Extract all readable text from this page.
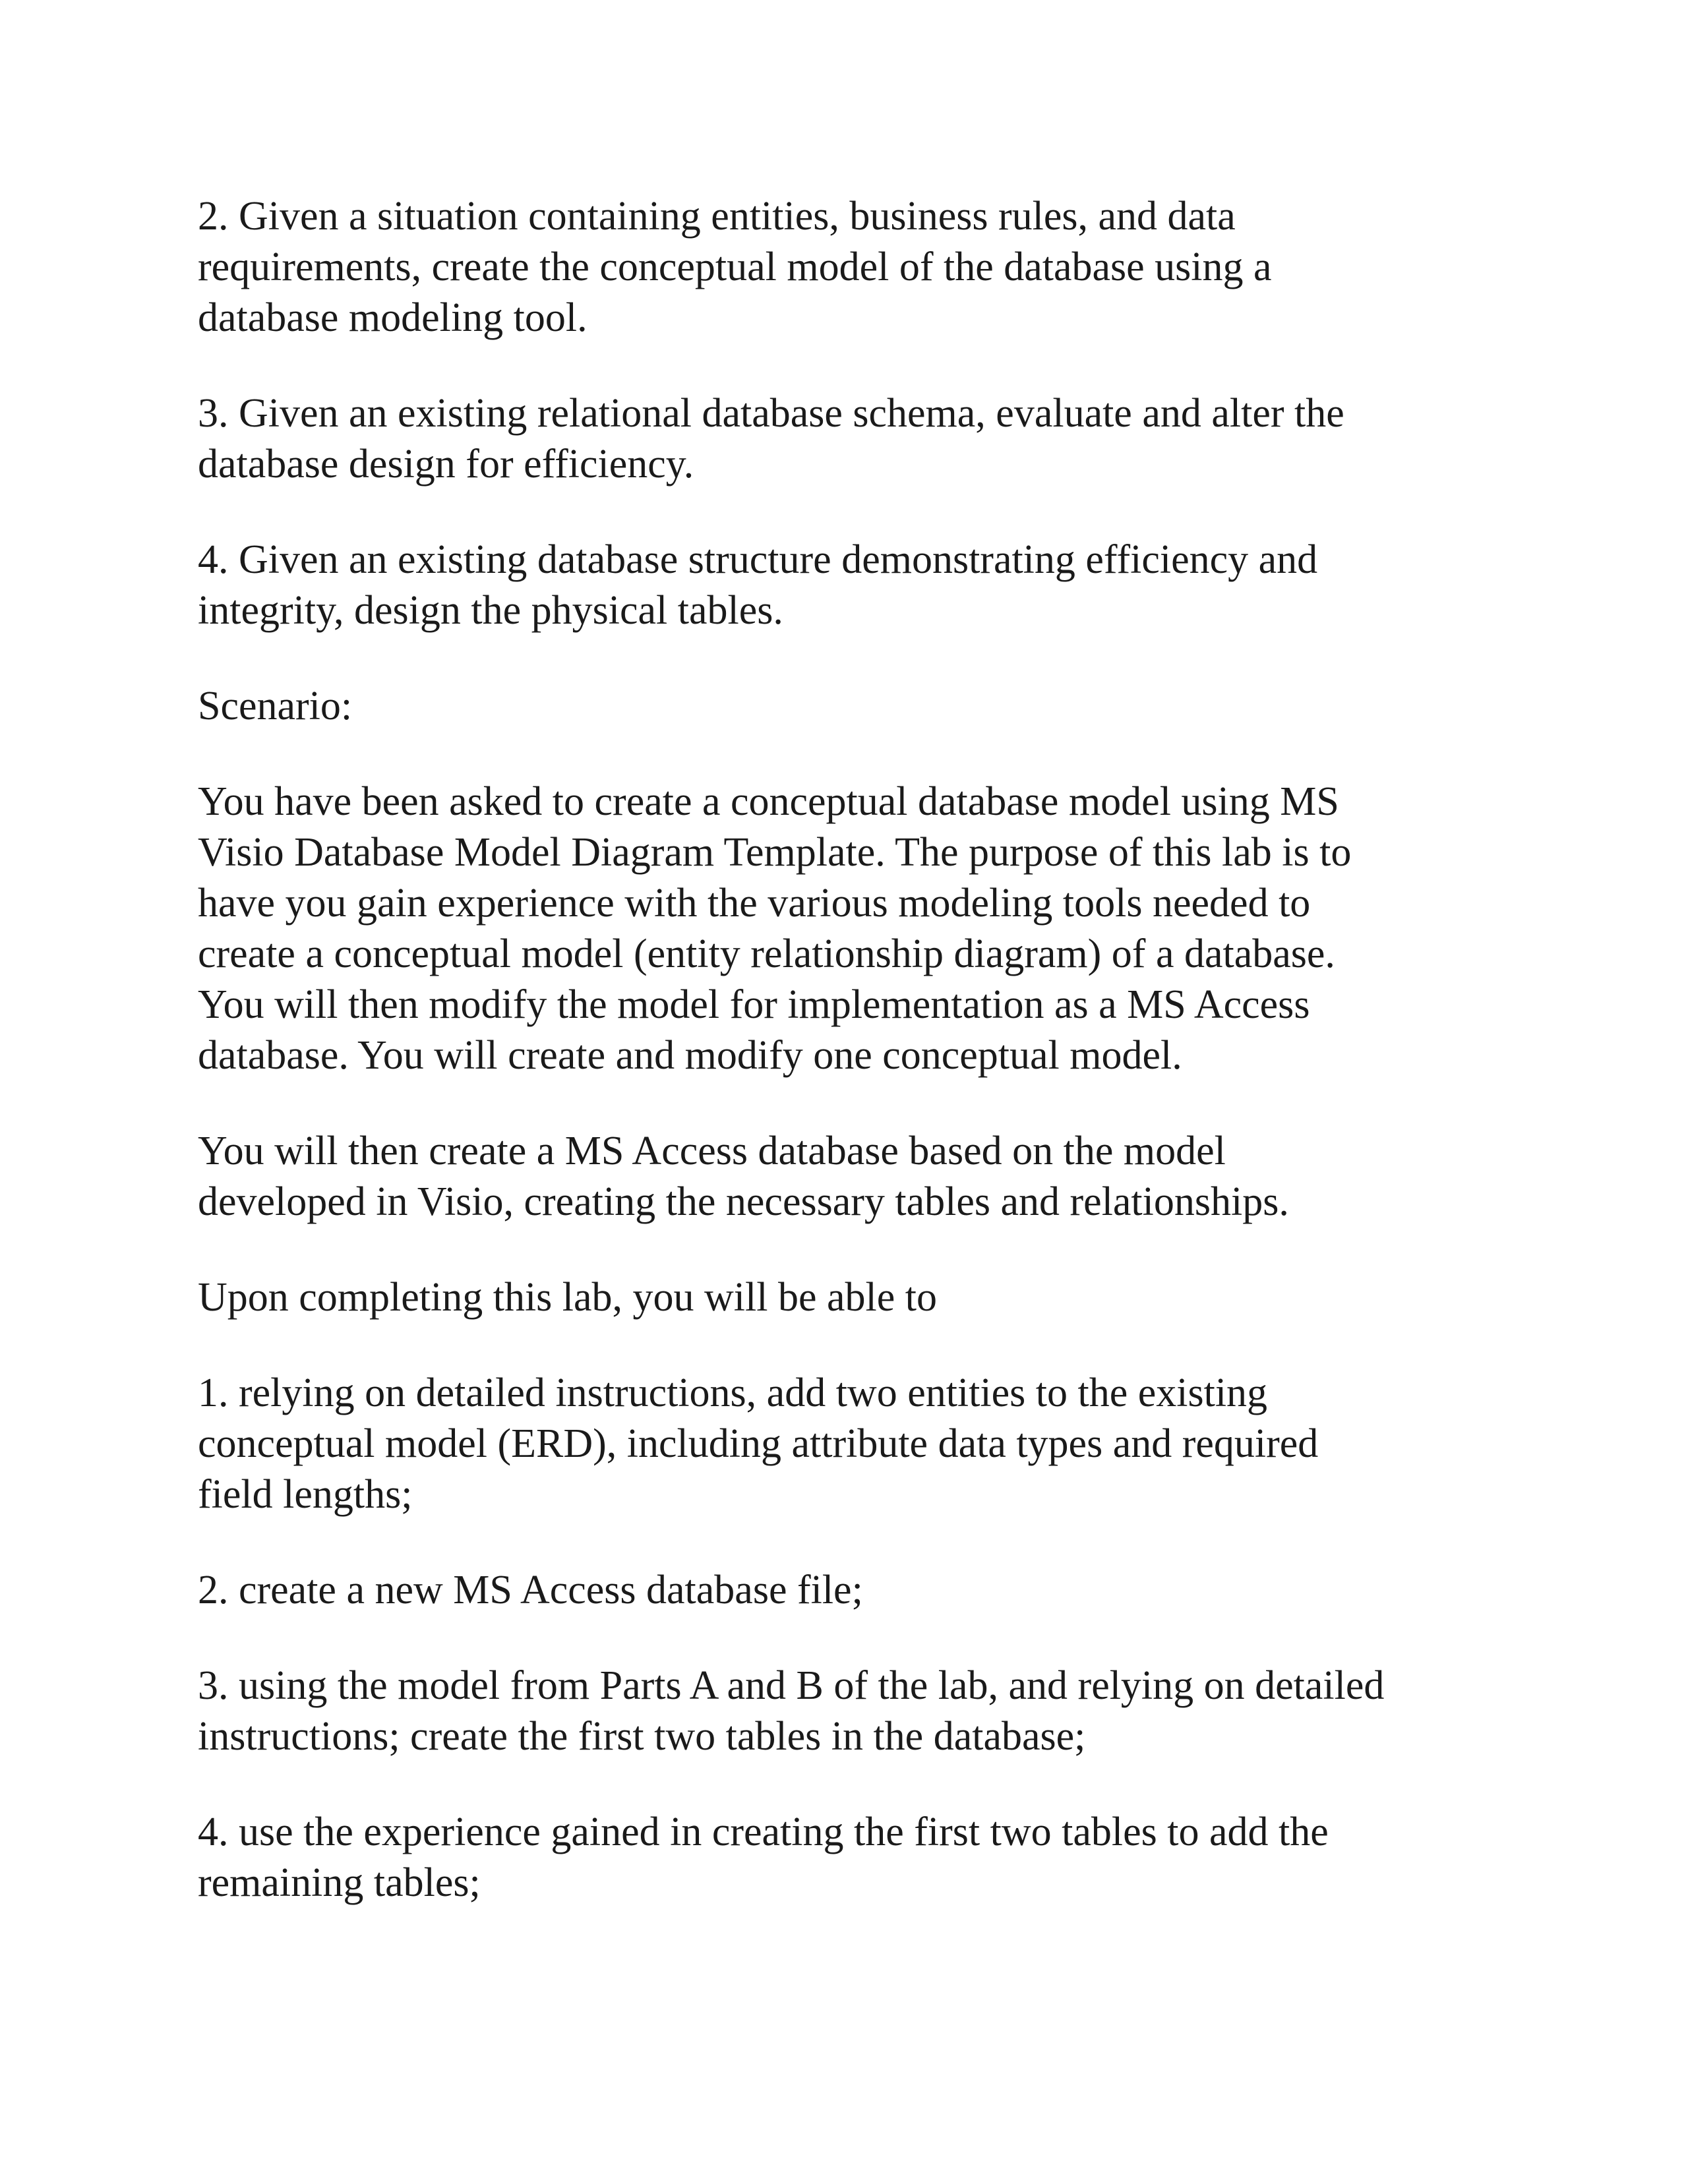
2. Given a situation containing entities, business rules, and data
requirements, create the conceptual model of the database using a
database modeling tool.

3. Given an existing relational database schema, evaluate and alter the
database design for efficiency.

4. Given an existing database structure demonstrating efficiency and
integrity, design the physical tables.

Scenario:

You have been asked to create a conceptual database model using MS
Visio Database Model Diagram Template. The purpose of this lab is to
have you gain experience with the various modeling tools needed to
create a conceptual model (entity relationship diagram) of a database.
You will then modify the model for implementation as a MS Access
database. You will create and modify one conceptual model.

You will then create a MS Access database based on the model
developed in Visio, creating the necessary tables and relationships.

Upon completing this lab, you will be able to

1. relying on detailed instructions, add two entities to the existing
conceptual model (ERD), including attribute data types and required
field lengths;

2. create a new MS Access database file;

3. using the model from Parts A and B of the lab, and relying on detailed
instructions; create the first two tables in the database;

4. use the experience gained in creating the first two tables to add the
remaining tables;
